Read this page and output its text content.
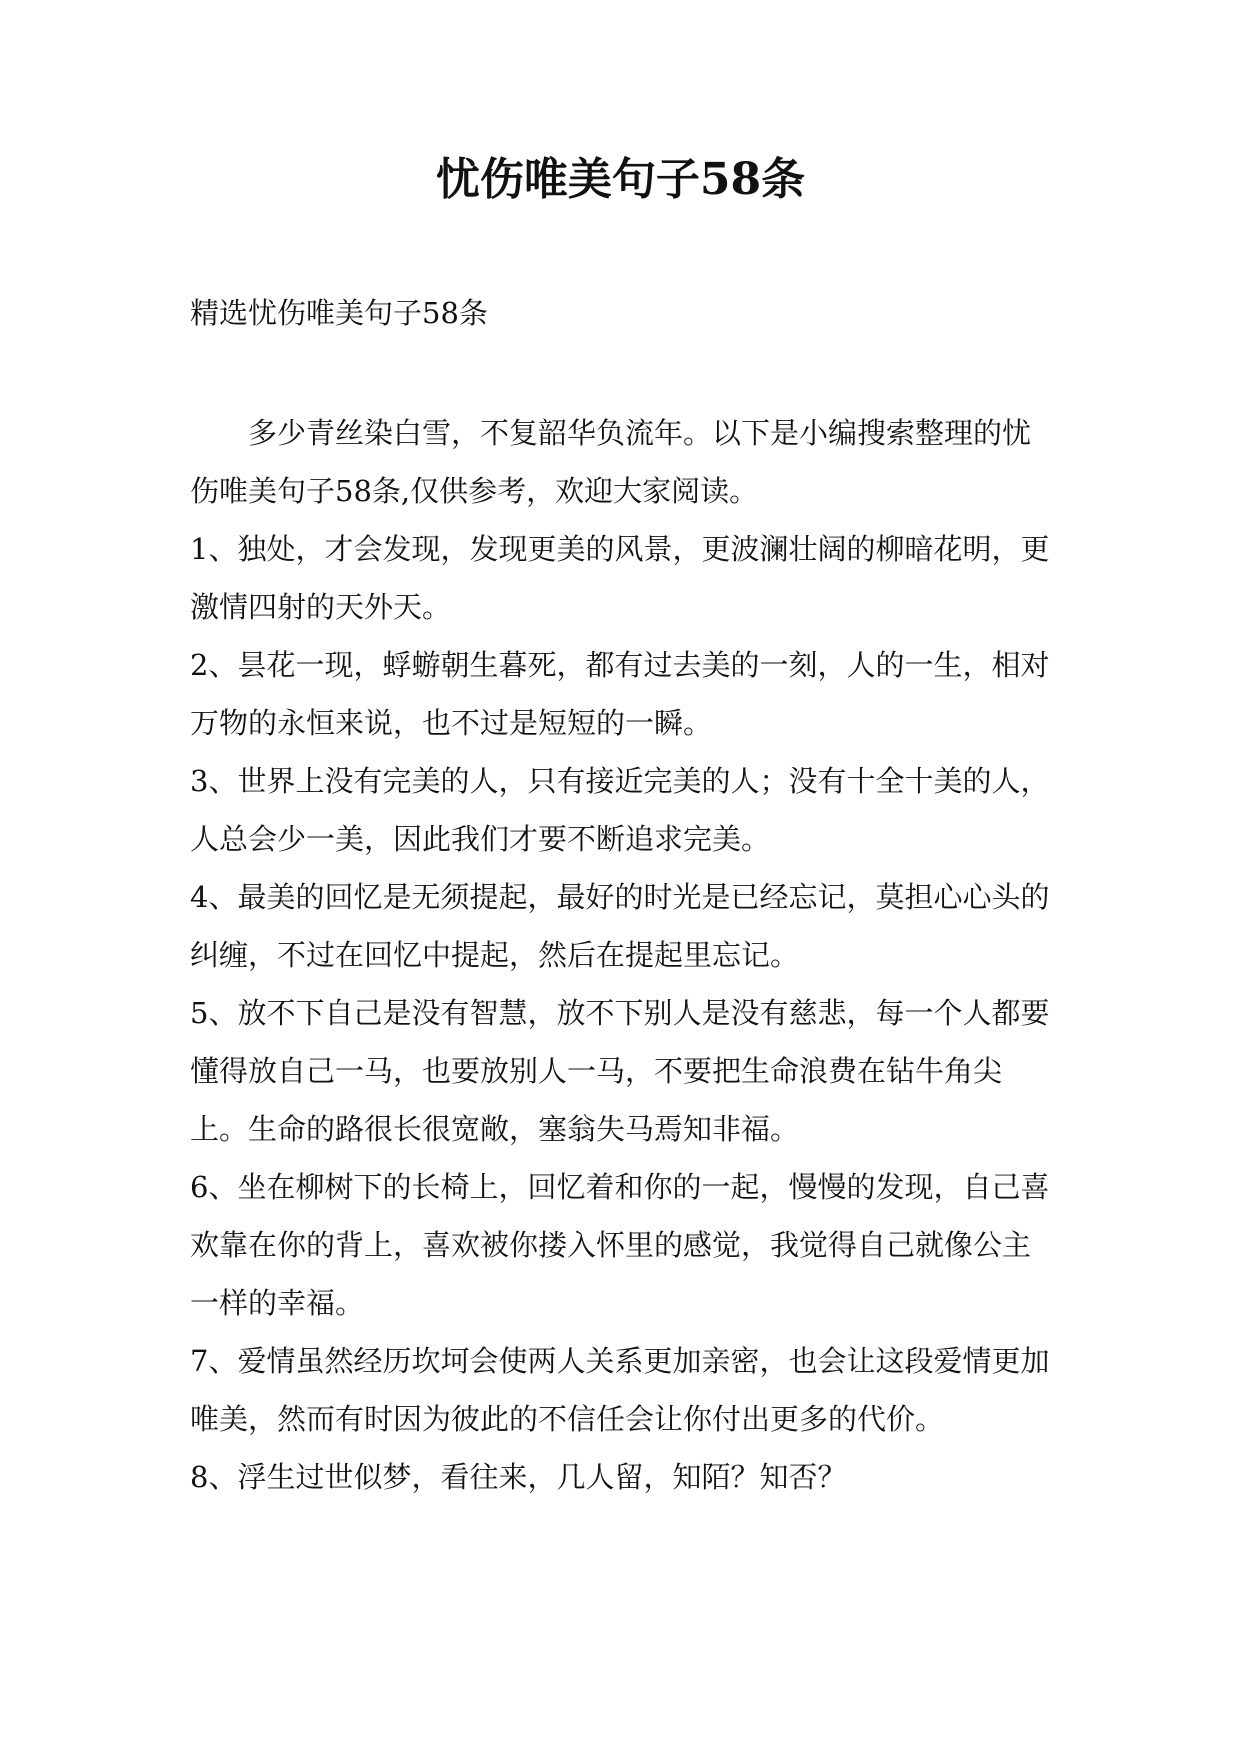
忧伤唯美句子58条

精选忧伤唯美句子58条

多少青丝染白雪，不复韶华负流年。以下是小编搜索整理的忧伤唯美句子58条,仅供参考，欢迎大家阅读。

1、独处，才会发现，发现更美的风景，更波澜壮阔的柳暗花明，更激情四射的天外天。

2、昙花一现，蜉蝣朝生暮死，都有过去美的一刻，人的一生，相对万物的永恒来说，也不过是短短的一瞬。

3、世界上没有完美的人，只有接近完美的人；没有十全十美的人，人总会少一美，因此我们才要不断追求完美。

4、最美的回忆是无须提起，最好的时光是已经忘记，莫担心心头的纠缠，不过在回忆中提起，然后在提起里忘记。

5、放不下自己是没有智慧，放不下别人是没有慈悲，每一个人都要懂得放自己一马，也要放别人一马，不要把生命浪费在钻牛角尖上。生命的路很长很宽敞，塞翁失马焉知非福。

6、坐在柳树下的长椅上，回忆着和你的一起，慢慢的发现，自己喜欢靠在你的背上，喜欢被你搂入怀里的感觉，我觉得自己就像公主一样的幸福。

7、爱情虽然经历坎坷会使两人关系更加亲密，也会让这段爱情更加唯美，然而有时因为彼此的不信任会让你付出更多的代价。

8、浮生过世似梦，看往来，几人留，知陌？知否？
